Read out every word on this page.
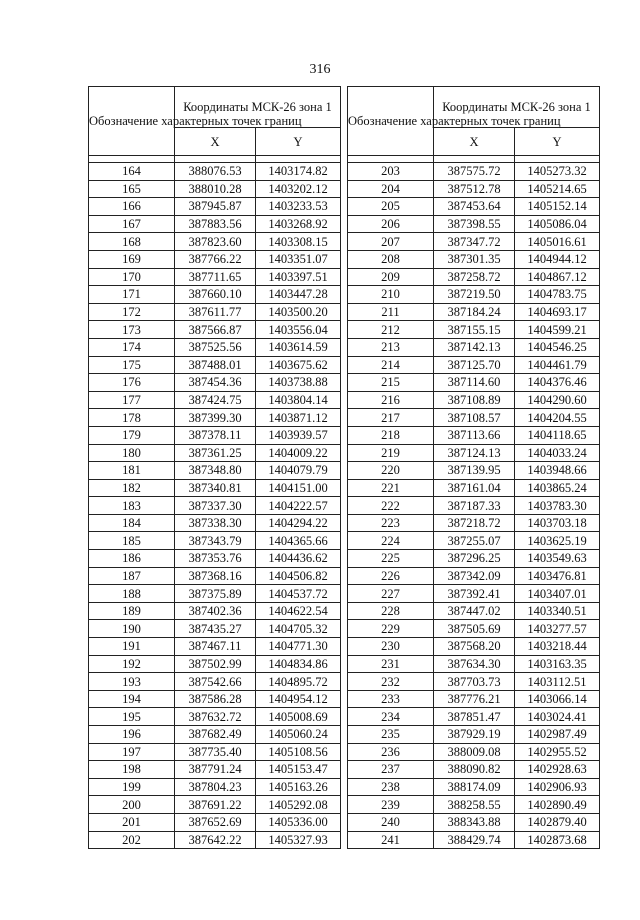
316
Обозначение характерных точек границ	Координаты МСК-26 зона 1	
	X	Y

164	388076.53	1403174.82
165	388010.28	1403202.12
166	387945.87	1403233.53
167	387883.56	1403268.92
168	387823.60	1403308.15
169	387766.22	1403351.07
170	387711.65	1403397.51
171	387660.10	1403447.28
172	387611.77	1403500.20
173	387566.87	1403556.04
174	387525.56	1403614.59
175	387488.01	1403675.62
176	387454.36	1403738.88
177	387424.75	1403804.14
178	387399.30	1403871.12
179	387378.11	1403939.57
180	387361.25	1404009.22
181	387348.80	1404079.79
182	387340.81	1404151.00
183	387337.30	1404222.57
184	387338.30	1404294.22
185	387343.79	1404365.66
186	387353.76	1404436.62
187	387368.16	1404506.82
188	387375.89	1404537.72
189	387402.36	1404622.54
190	387435.27	1404705.32
191	387467.11	1404771.30
192	387502.99	1404834.86
193	387542.66	1404895.72
194	387586.28	1404954.12
195	387632.72	1405008.69
196	387682.49	1405060.24
197	387735.40	1405108.56
198	387791.24	1405153.47
199	387804.23	1405163.26
200	387691.22	1405292.08
201	387652.69	1405336.00
202	387642.22	1405327.93
Обозначение характерных точек границ	Координаты МСК-26 зона 1	
	X	Y

203	387575.72	1405273.32
204	387512.78	1405214.65
205	387453.64	1405152.14
206	387398.55	1405086.04
207	387347.72	1405016.61
208	387301.35	1404944.12
209	387258.72	1404867.12
210	387219.50	1404783.75
211	387184.24	1404693.17
212	387155.15	1404599.21
213	387142.13	1404546.25
214	387125.70	1404461.79
215	387114.60	1404376.46
216	387108.89	1404290.60
217	387108.57	1404204.55
218	387113.66	1404118.65
219	387124.13	1404033.24
220	387139.95	1403948.66
221	387161.04	1403865.24
222	387187.33	1403783.30
223	387218.72	1403703.18
224	387255.07	1403625.19
225	387296.25	1403549.63
226	387342.09	1403476.81
227	387392.41	1403407.01
228	387447.02	1403340.51
229	387505.69	1403277.57
230	387568.20	1403218.44
231	387634.30	1403163.35
232	387703.73	1403112.51
233	387776.21	1403066.14
234	387851.47	1403024.41
235	387929.19	1402987.49
236	388009.08	1402955.52
237	388090.82	1402928.63
238	388174.09	1402906.93
239	388258.55	1402890.49
240	388343.88	1402879.40
241	388429.74	1402873.68
